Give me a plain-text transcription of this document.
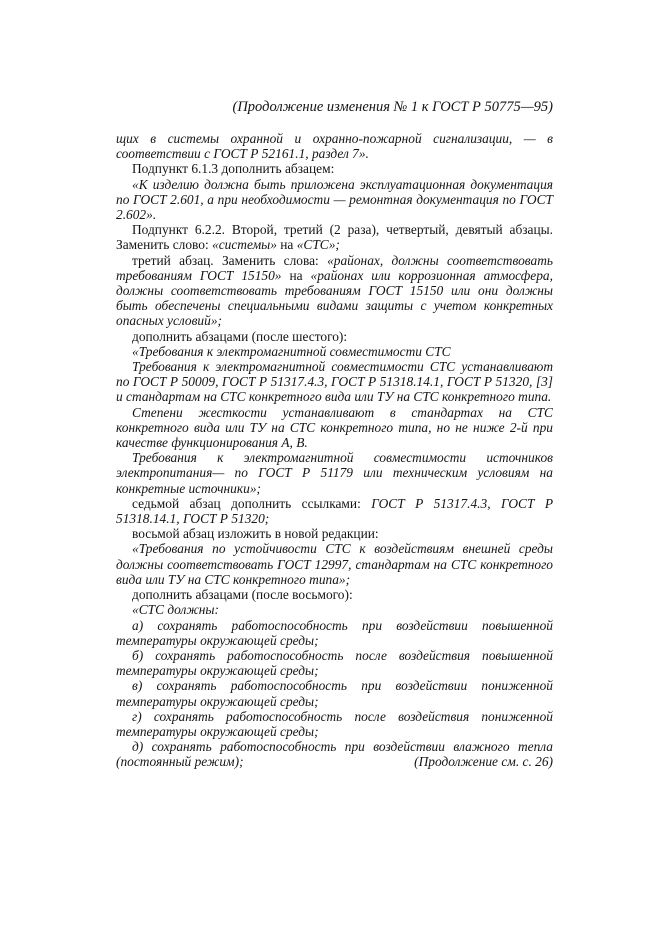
(Продолжение изменения № 1 к ГОСТ Р 50775—95)

щих в системы охранной и охранно-пожарной сигнализации, — в соответствии с ГОСТ Р 52161.1, раздел 7».

Подпункт 6.1.3 дополнить абзацем:

«К изделию должна быть приложена эксплуатационная документация по ГОСТ 2.601, а при необходимости — ремонтная документация по ГОСТ 2.602».

Подпункт 6.2.2. Второй, третий (2 раза), четвертый, девятый абзацы. Заменить слово: «системы» на «СТС»;

третий абзац. Заменить слова: «районах, должны соответствовать требованиям ГОСТ 15150» на «районах или коррозионная атмосфера, должны соответствовать требованиям ГОСТ 15150 или они должны быть обеспечены специальными видами защиты с учетом конкретных опасных условий»;

дополнить абзацами (после шестого):

«Требования к электромагнитной совместимости СТС

Требования к электромагнитной совместимости СТС устанавливают по ГОСТ Р 50009, ГОСТ Р 51317.4.3, ГОСТ Р 51318.14.1, ГОСТ Р 51320, [3] и стандартам на СТС конкретного вида или ТУ на СТС конкретного типа.

Степени жесткости устанавливают в стандартах на СТС конкретного вида или ТУ на СТС конкретного типа, но не ниже 2-й при качестве функционирования А, В.

Требования к электромагнитной совместимости источников электропитания— по ГОСТ Р 51179 или техническим условиям на конкретные источники»;

седьмой абзац дополнить ссылками: ГОСТ Р 51317.4.3, ГОСТ Р 51318.14.1, ГОСТ Р 51320;

восьмой абзац изложить в новой редакции:

«Требования по устойчивости СТС к воздействиям внешней среды должны соответствовать ГОСТ 12997, стандартам на СТС конкретного вида или ТУ на СТС конкретного типа»;

дополнить абзацами (после восьмого):

«СТС должны:

а) сохранять работоспособность при воздействии повышенной температуры окружающей среды;

б) сохранять работоспособность после воздействия повышенной температуры окружающей среды;

в) сохранять работоспособность при воздействии пониженной температуры окружающей среды;

г) сохранять работоспособность после воздействия пониженной температуры окружающей среды;

д) сохранять работоспособность при воздействии влажного тепла (постоянный режим);	(Продолжение см. с. 26)
